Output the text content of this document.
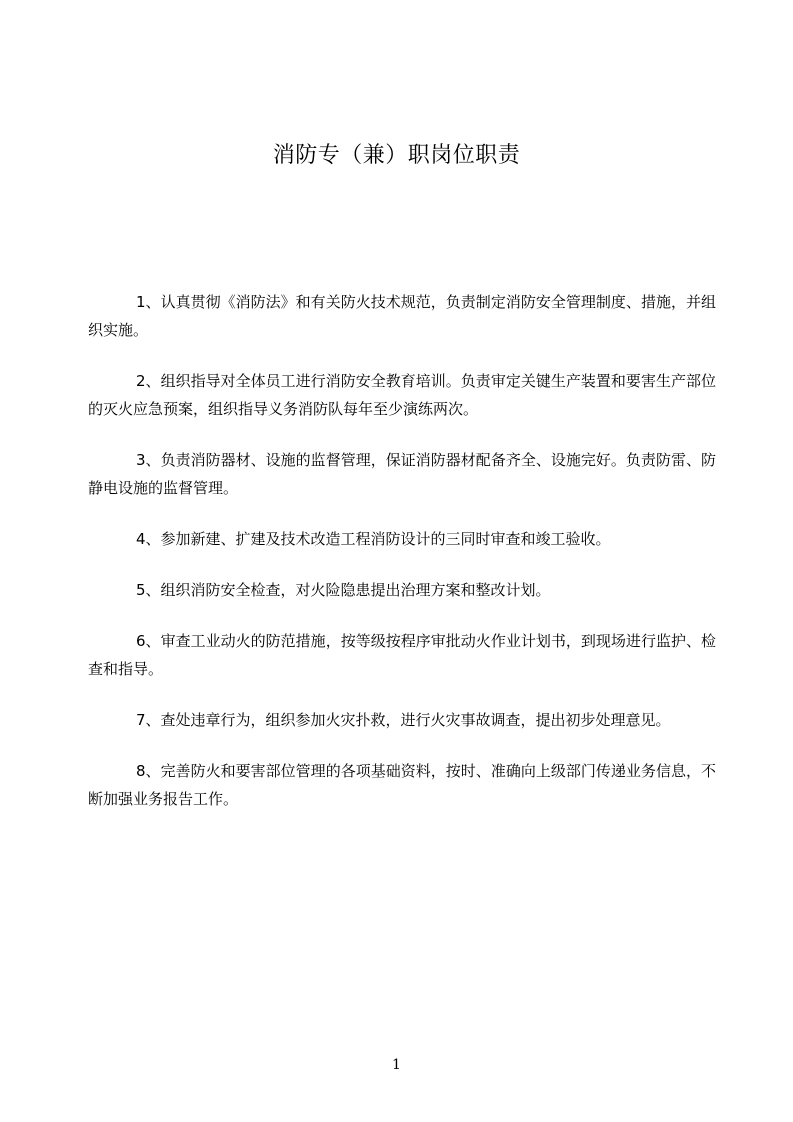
消防专（兼）职岗位职责

1、认真贯彻《消防法》和有关防火技术规范，负责制定消防安全管理制度、措施，并组织实施。

2、组织指导对全体员工进行消防安全教育培训。负责审定关键生产装置和要害生产部位的灭火应急预案，组织指导义务消防队每年至少演练两次。

3、负责消防器材、设施的监督管理，保证消防器材配备齐全、设施完好。负责防雷、防静电设施的监督管理。

4、参加新建、扩建及技术改造工程消防设计的三同时审查和竣工验收。

5、组织消防安全检查，对火险隐患提出治理方案和整改计划。

6、审查工业动火的防范措施，按等级按程序审批动火作业计划书，到现场进行监护、检查和指导。

7、查处违章行为，组织参加火灾扑救，进行火灾事故调查，提出初步处理意见。

8、完善防火和要害部位管理的各项基础资料，按时、准确向上级部门传递业务信息，不断加强业务报告工作。

1
